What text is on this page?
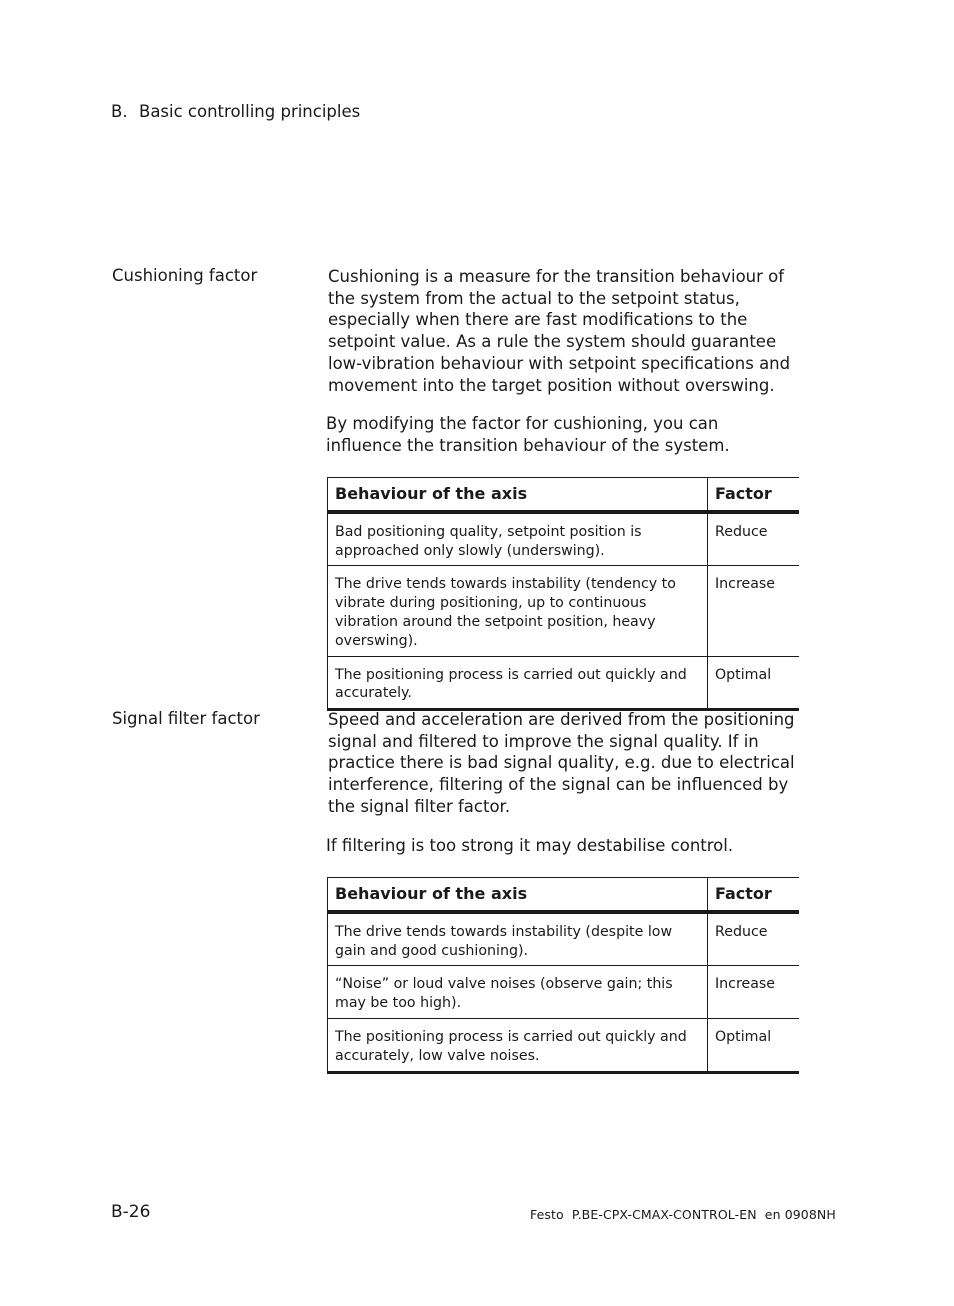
B. Basic controlling principles
Cushioning factor	Cushioning is a measure for the transition behaviour of the system from the actual to the setpoint status, especially when there are fast modifications to the setpoint value. As a rule the system should guarantee low-vibration behaviour with setpoint specifications and movement into the target position without overswing.
By modifying the factor for cushioning, you can influence the transition behaviour of the system.
Behaviour of the axis	Factor
Bad positioning quality, setpoint position is approached only slowly (underswing).	Reduce
The drive tends towards instability (tendency to vibrate during positioning, up to continuous vibration around the setpoint position, heavy overswing).	Increase
The positioning process is carried out quickly and accurately.	Optimal
Signal filter factor	Speed and acceleration are derived from the positioning signal and filtered to improve the signal quality. If in practice there is bad signal quality, e.g. due to electrical interference, filtering of the signal can be influenced by the signal filter factor.
If filtering is too strong it may destabilise control.
Behaviour of the axis	Factor
The drive tends towards instability (despite low gain and good cushioning).	Reduce
“Noise” or loud valve noises (observe gain; this may be too high).	Increase
The positioning process is carried out quickly and accurately, low valve noises.	Optimal
B-26	Festo  P.BE-CPX-CMAX-CONTROL-EN  en 0908NH
